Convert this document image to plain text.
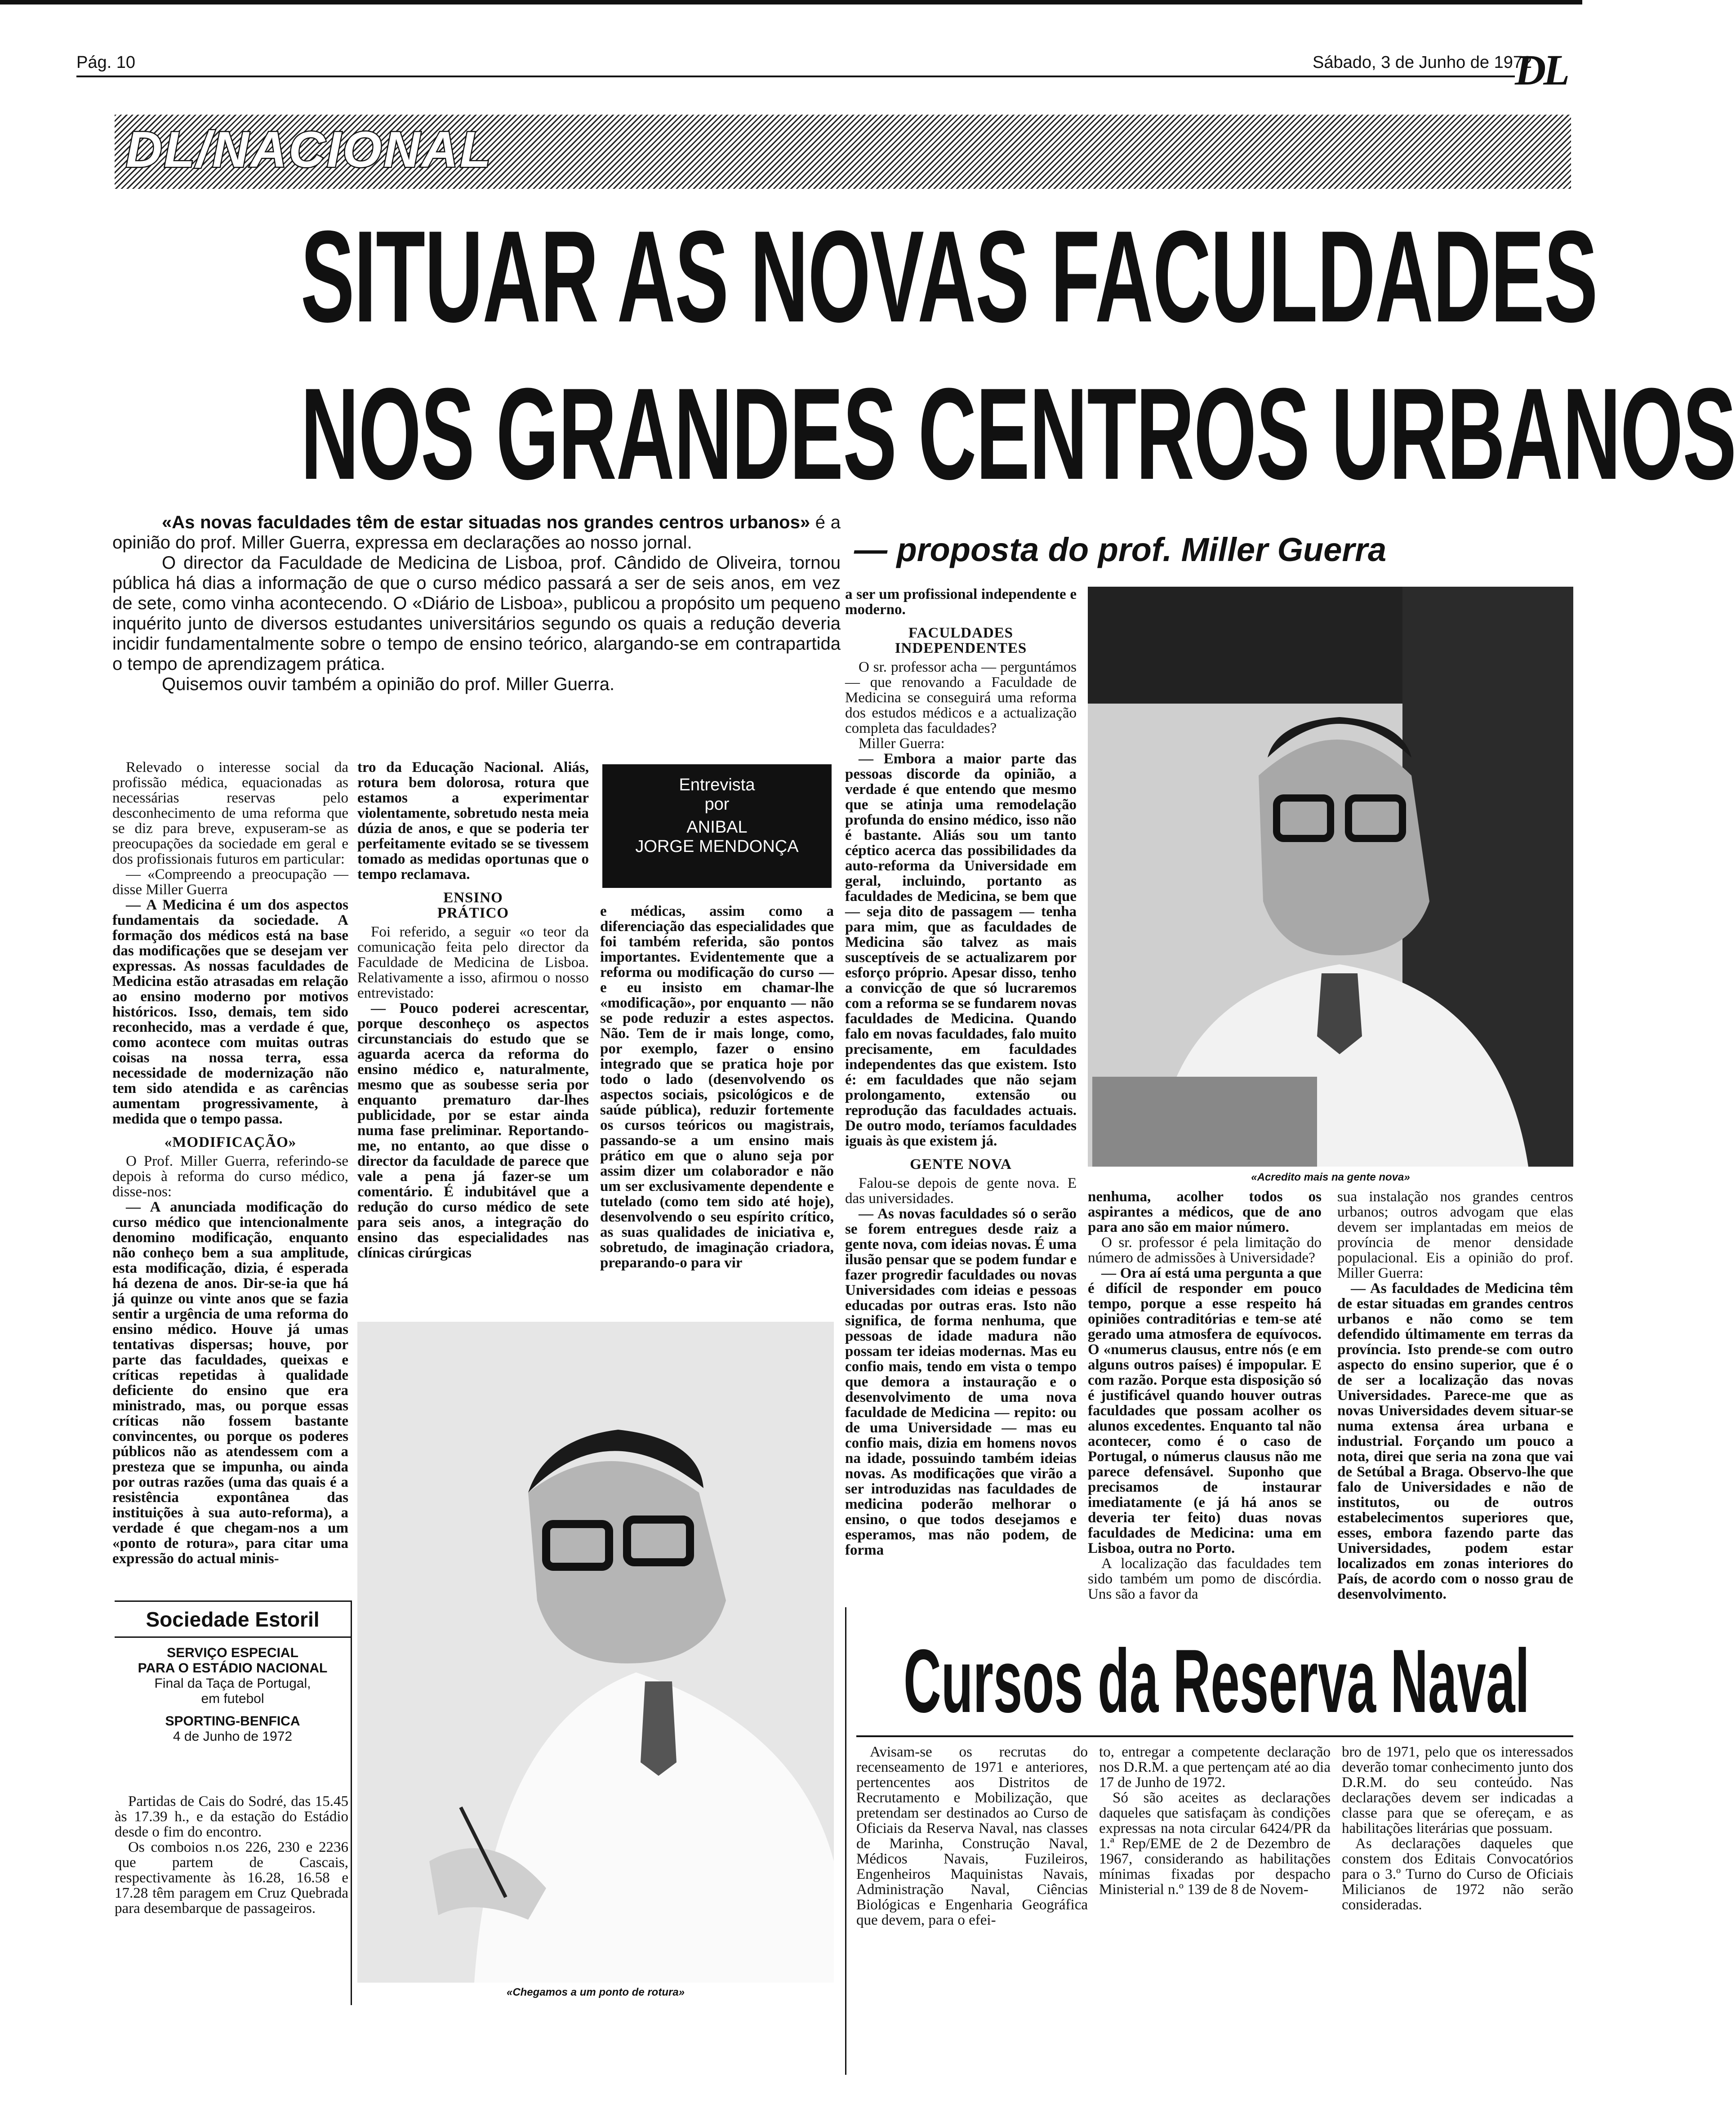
Pág. 10	Sábado, 3 de Junho de 1972
DL
DL/NACIONAL
SITUAR AS NOVAS FACULDADES
NOS GRANDES CENTROS URBANOS

«As novas faculdades têm de estar situadas nos grandes centros urbanos» é a opinião do prof. Miller Guerra, expressa em declarações ao nosso jornal.

O director da Faculdade de Medicina de Lisboa, prof. Cândido de Oliveira, tornou pública há dias a informação de que o curso médico passará a ser de seis anos, em vez de sete, como vinha acontecendo. O «Diário de Lisboa», publicou a propósito um pequeno inquérito junto de diversos estudantes universitários segundo os quais a redução deveria incidir fundamentalmente sobre o tempo de ensino teórico, alargando-se em contrapartida o tempo de aprendizagem prática.

Quisemos ouvir também a opinião do prof. Miller Guerra.

— proposta do prof. Miller Guerra

Relevado o interesse social da profissão médica, equacionadas as necessárias reservas pelo desconhecimento de uma reforma que se diz para breve, expuseram-se as preocupações da sociedade em geral e dos profissionais futuros em particular:

— «Compreendo a preocupação — disse Miller Guerra

— A Medicina é um dos aspectos fundamentais da sociedade. A formação dos médicos está na base das modificações que se desejam ver expressas. As nossas faculdades de Medicina estão atrasadas em relação ao ensino moderno por motivos históricos. Isso, demais, tem sido reconhecido, mas a verdade é que, como acontece com muitas outras coisas na nossa terra, essa necessidade de modernização não tem sido atendida e as carências aumentam progressivamente, à medida que o tempo passa.

«MODIFICAÇÃO»

O Prof. Miller Guerra, referindo-se depois à reforma do curso médico, disse-nos:

— A anunciada modificação do curso médico que intencionalmente denomino modificação, enquanto não conheço bem a sua amplitude, esta modificação, dizia, é esperada há dezena de anos. Dir-se-ia que há já quinze ou vinte anos que se fazia sentir a urgência de uma reforma do ensino médico. Houve já umas tentativas dispersas; houve, por parte das faculdades, queixas e críticas repetidas à qualidade deficiente do ensino que era ministrado, mas, ou porque essas críticas não fossem bastante convincentes, ou porque os poderes públicos não as atendessem com a presteza que se impunha, ou ainda por outras razões (uma das quais é a resistência expontânea das instituições à sua auto-reforma), a verdade é que chegam-nos a um «ponto de rotura», para citar uma expressão do actual minis-

tro da Educação Nacional. Aliás, rotura bem dolorosa, rotura que estamos a experimentar violentamente, sobretudo nesta meia dúzia de anos, e que se poderia ter perfeitamente evitado se se tivessem tomado as medidas oportunas que o tempo reclamava.

ENSINO

PRÁTICO

Foi referido, a seguir «o teor da comunicação feita pelo director da Faculdade de Medicina de Lisboa. Relativamente a isso, afirmou o nosso entrevistado:

— Pouco poderei acrescentar, porque desconheço os aspectos circunstanciais do estudo que se aguarda acerca da reforma do ensino médico e, naturalmente, mesmo que as soubesse seria por enquanto prematuro dar-lhes publicidade, por se estar ainda numa fase preliminar. Reportando-me, no entanto, ao que disse o director da faculdade de parece que vale a pena já fazer-se um comentário. É indubitável que a redução do curso médico de sete para seis anos, a integração do ensino das especialidades nas clínicas cirúrgicas

Entrevista
por
ANIBAL
JORGE MENDONÇA

e médicas, assim como a diferenciação das especialidades que foi também referida, são pontos importantes. Evidentemente que a reforma ou modificação do curso — e eu insisto em chamar-lhe «modificação», por enquanto — não se pode reduzir a estes aspectos. Não. Tem de ir mais longe, como, por exemplo, fazer o ensino integrado que se pratica hoje por todo o lado (desenvolvendo os aspectos sociais, psicológicos e de saúde pública), reduzir fortemente os cursos teóricos ou magistrais, passando-se a um ensino mais prático em que o aluno seja por assim dizer um colaborador e não um ser exclusivamente dependente e tutelado (como tem sido até hoje), desenvolvendo o seu espírito crítico, as suas qualidades de iniciativa e, sobretudo, de imaginação criadora, preparando-o para vir

a ser um profissional independente e moderno.

FACULDADES

INDEPENDENTES

O sr. professor acha — perguntámos — que renovando a Faculdade de Medicina se conseguirá uma reforma dos estudos médicos e a actualização completa das faculdades?

Miller Guerra:

— Embora a maior parte das pessoas discorde da opinião, a verdade é que entendo que mesmo que se atinja uma remodelação profunda do ensino médico, isso não é bastante. Aliás sou um tanto céptico acerca das possibilidades da auto-reforma da Universidade em geral, incluindo, portanto as faculdades de Medicina, se bem que — seja dito de passagem — tenha para mim, que as faculdades de Medicina são talvez as mais susceptíveis de se actualizarem por esforço próprio. Apesar disso, tenho a convicção de que só lucraremos com a reforma se se fundarem novas faculdades de Medicina. Quando falo em novas faculdades, falo muito precisamente, em faculdades independentes das que existem. Isto é: em faculdades que não sejam prolongamento, extensão ou reprodução das faculdades actuais. De outro modo, teríamos faculdades iguais às que existem já.

GENTE NOVA

Falou-se depois de gente nova. E das universidades.

— As novas faculdades só o serão se forem entregues desde raiz a gente nova, com ideias novas. É uma ilusão pensar que se podem fundar e fazer progredir faculdades ou novas Universidades com ideias e pessoas educadas por outras eras. Isto não significa, de forma nenhuma, que pessoas de idade madura não possam ter ideias modernas. Mas eu confio mais, tendo em vista o tempo que demora a instauração e o desenvolvimento de uma nova faculdade de Medicina — repito: ou de uma Universidade — mas eu confio mais, dizia em homens novos na idade, possuindo também ideias novas. As modificações que virão a ser introduzidas nas faculdades de medicina poderão melhorar o ensino, o que todos desejamos e esperamos, mas não podem, de forma

«Acredito mais na gente nova»

nenhuma, acolher todos os aspirantes a médicos, que de ano para ano são em maior número.

O sr. professor é pela limitação do número de admissões à Universidade?

— Ora aí está uma pergunta a que é difícil de responder em pouco tempo, porque a esse respeito há opiniões contraditórias e tem-se até gerado uma atmosfera de equívocos. O «numerus clausus, entre nós (e em alguns outros países) é impopular. E com razão. Porque esta disposição só é justificável quando houver outras faculdades que possam acolher os alunos excedentes. Enquanto tal não acontecer, como é o caso de Portugal, o númerus clausus não me parece defensável. Suponho que precisamos de instaurar imediatamente (e já há anos se deveria ter feito) duas novas faculdades de Medicina: uma em Lisboa, outra no Porto.

A localização das faculdades tem sido também um pomo de discórdia. Uns são a favor da

sua instalação nos grandes centros urbanos; outros advogam que elas devem ser implantadas em meios de província de menor densidade populacional. Eis a opinião do prof. Miller Guerra:

— As faculdades de Medicina têm de estar situadas em grandes centros urbanos e não como se tem defendido últimamente em terras da província. Isto prende-se com outro aspecto do ensino superior, que é o de ser a localização das novas Universidades. Parece-me que as novas Universidades devem situar-se numa extensa área urbana e industrial. Forçando um pouco a nota, direi que seria na zona que vai de Setúbal a Braga. Observo-lhe que falo de Universidades e não de institutos, ou de outros estabelecimentos superiores que, esses, embora fazendo parte das Universidades, podem estar localizados em zonas interiores do País, de acordo com o nosso grau de desenvolvimento.

«Chegamos a um ponto de rotura»
Sociedade Estoril
SERVIÇO ESPECIAL
PARA O ESTÁDIO NACIONAL
Final da Taça de Portugal,
em futebol
SPORTING-BENFICA
4 de Junho de 1972

Partidas de Cais do Sodré, das 15.45 às 17.39 h., e da estação do Estádio desde o fim do encontro.

Os comboios n.os 226, 230 e 2236 que partem de Cascais, respectivamente às 16.28, 16.58 e 17.28 têm paragem em Cruz Quebrada para desembarque de passageiros.

Cursos da Reserva Naval

Avisam-se os recrutas do recenseamento de 1971 e anteriores, pertencentes aos Distritos de Recrutamento e Mobilização, que pretendam ser destinados ao Curso de Oficiais da Reserva Naval, nas classes de Marinha, Construção Naval, Médicos Navais, Fuzileiros, Engenheiros Maquinistas Navais, Administração Naval, Ciências Biológicas e Engenharia Geográfica que devem, para o efei-

to, entregar a competente declaração nos D.R.M. a que pertençam até ao dia 17 de Junho de 1972.

Só são aceites as declarações daqueles que satisfaçam às condições expressas na nota circular 6424/PR da 1.ª Rep/EME de 2 de Dezembro de 1967, considerando as habilitações mínimas fixadas por despacho Ministerial n.º 139 de 8 de Novem-

bro de 1971, pelo que os interessados deverão tomar conhecimento junto dos D.R.M. do seu conteúdo. Nas declarações devem ser indicadas a classe para que se ofereçam, e as habilitações literárias que possuam.

As declarações daqueles que constem dos Editais Convocatórios para o 3.º Turno do Curso de Oficiais Milicianos de 1972 não serão consideradas.
